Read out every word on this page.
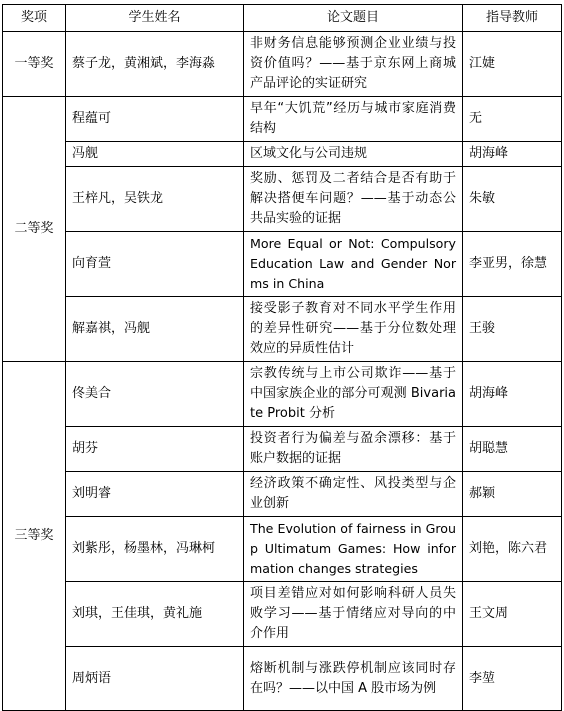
奖项	学生姓名	论文题目	指导教师
一等奖	蔡子龙，黄湘斌，李海淼	非财务信息能够预测企业业绩与投资价值吗？——基于京东网上商城产品评论的实证研究	江婕
二等奖	程蕴可	早年“大饥荒”经历与城市家庭消费结构	无
	冯舰	区域文化与公司违规	胡海峰
	王梓凡，吴铁龙	奖励、惩罚及二者结合是否有助于解决搭便车问题？——基于动态公共品实验的证据	朱敏
	向育萱	More Equal or Not: Compulsory Education Law and Gender Norms in China	李亚男，徐慧
	解嘉祺，冯舰	接受影子教育对不同水平学生作用的差异性研究——基于分位数处理效应的异质性估计	王骏
三等奖	佟美合	宗教传统与上市公司欺诈——基于中国家族企业的部分可观测 Bivariate Probit 分析	胡海峰
	胡芬	投资者行为偏差与盈余漂移：基于账户数据的证据	胡聪慧
	刘明睿	经济政策不确定性、风投类型与企业创新	郝颖
	刘紫彤，杨墨林，冯琳柯	The Evolution of fairness in Group Ultimatum Games: How information changes strategies	刘艳，陈六君
	刘琪，王佳琪，黄礼施	项目差错应对如何影响科研人员失败学习——基于情绪应对导向的中介作用	王文周
	周炳语	熔断机制与涨跌停机制应该同时存在吗？——以中国 A 股市场为例	李堃
